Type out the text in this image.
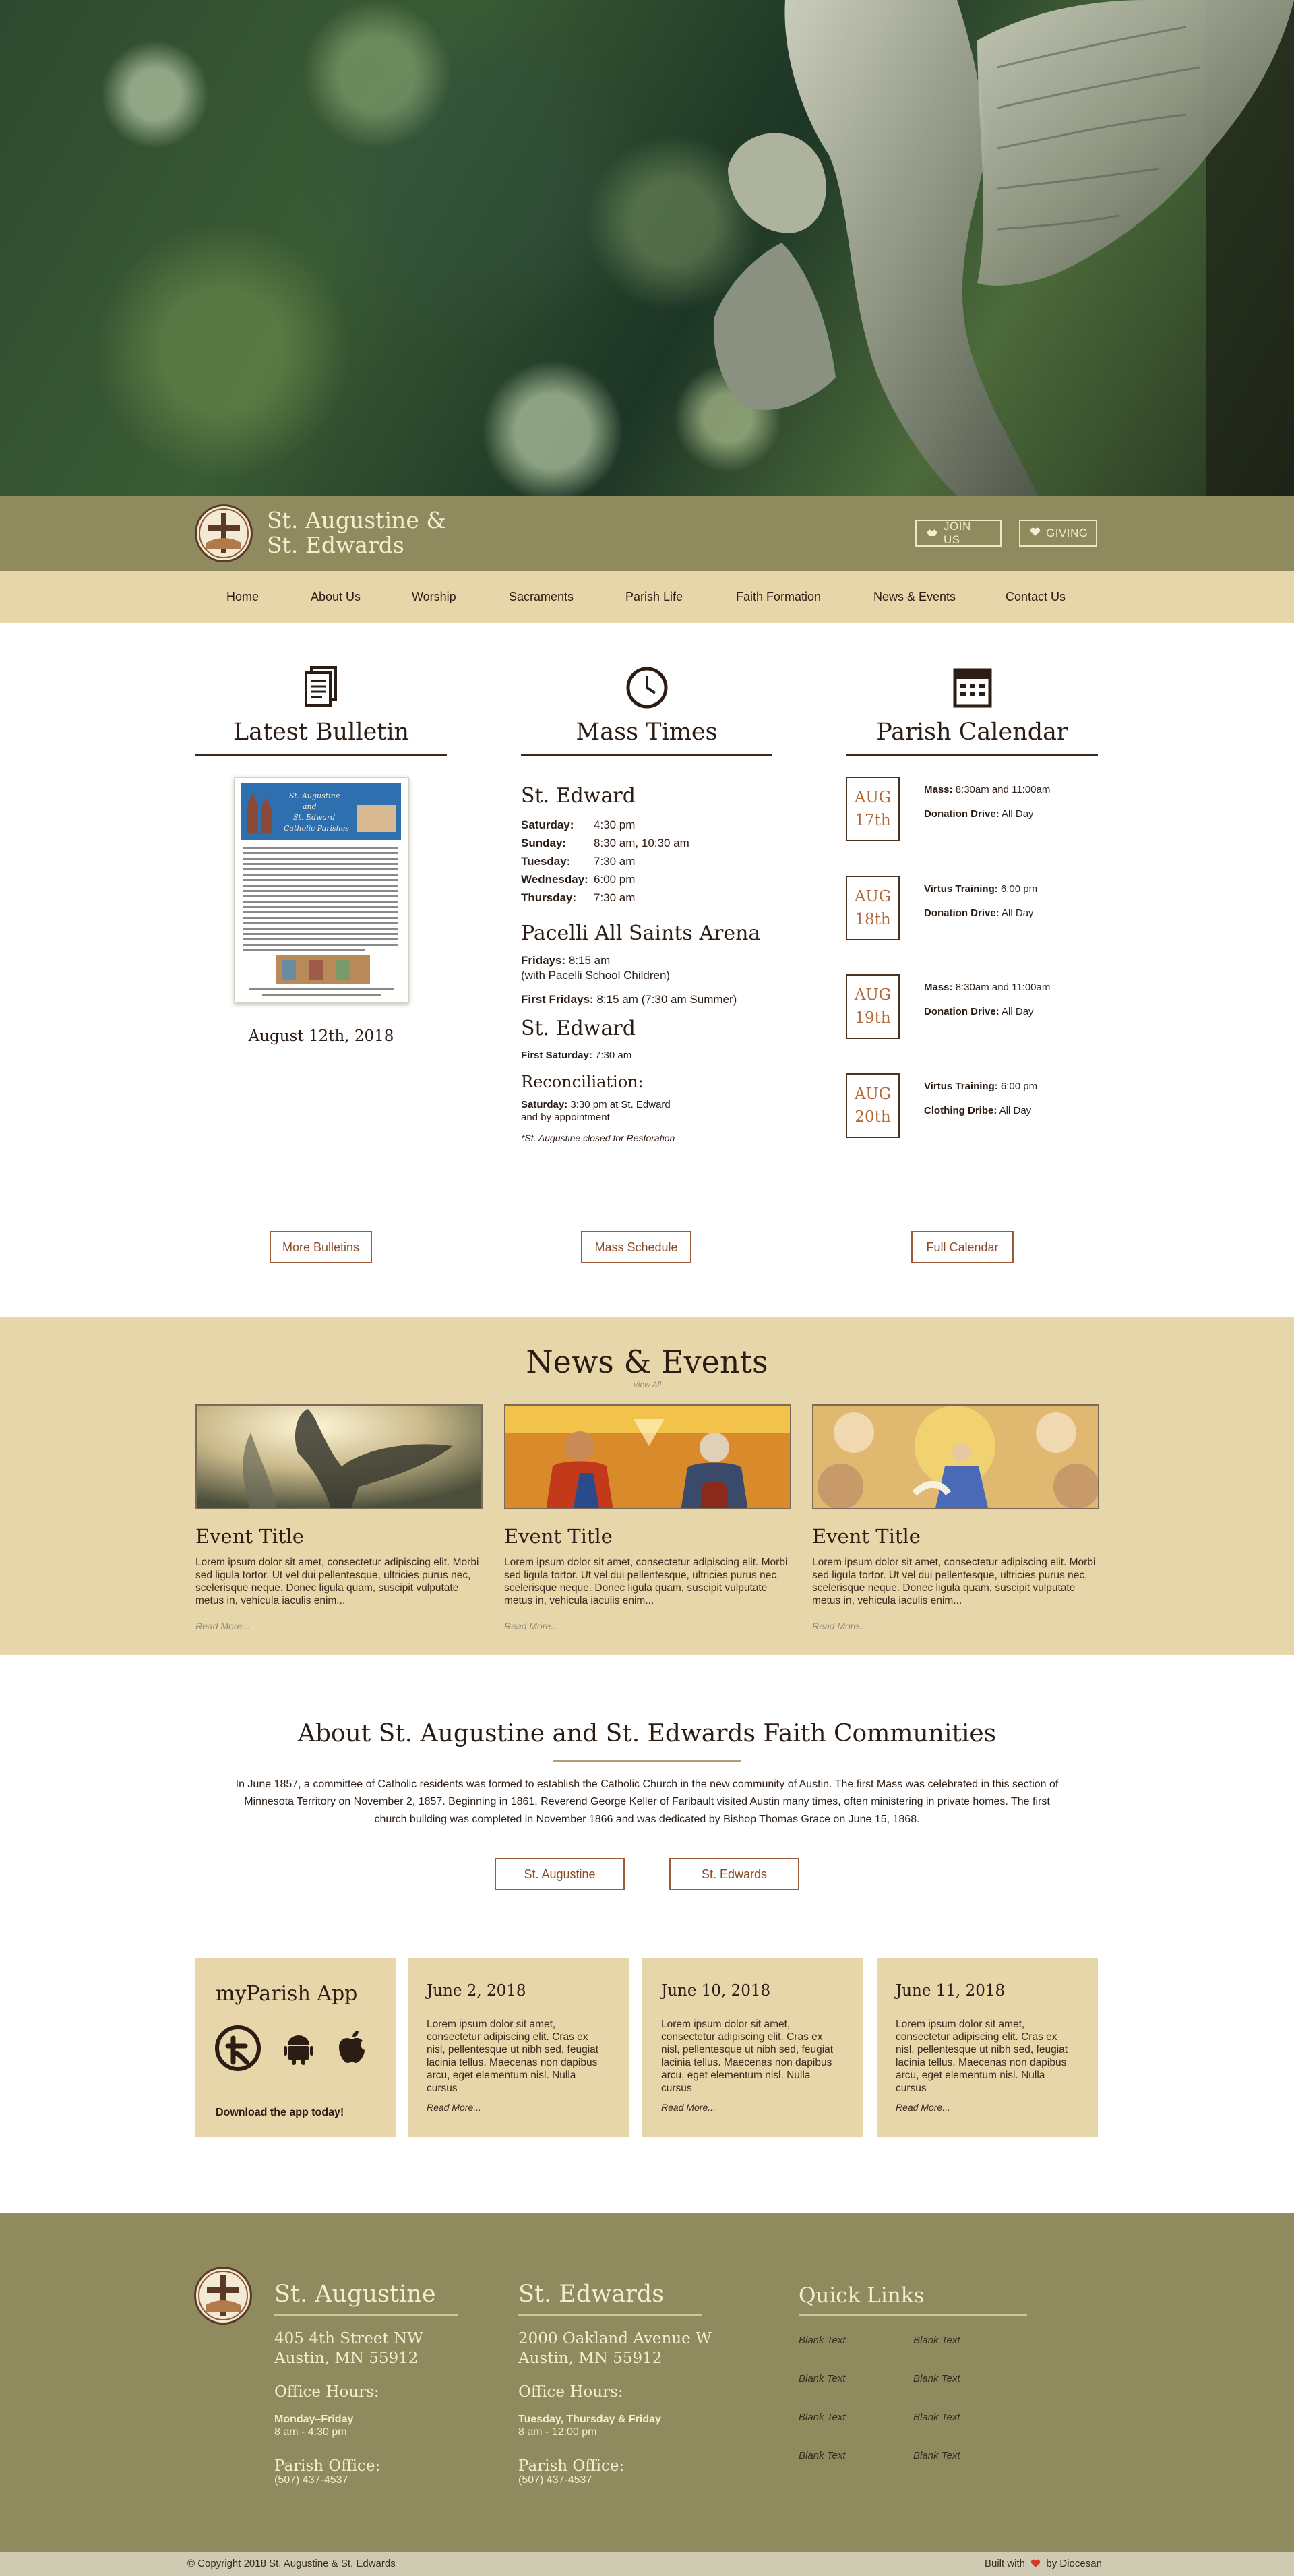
St. Augustine &
St. Edwards
JOIN US
GIVING
Home	About Us	Worship	Sacraments	Parish Life	Faith Formation	News & Events	Contact Us
Latest Bulletin
St. Augustine
and
St. Edward
Catholic Parishes
August 12th, 2018
More Bulletins
Mass Times
St. Edward
Saturday:	4:30 pm
Sunday:	8:30 am, 10:30 am
Tuesday:	7:30 am
Wednesday: 6:00 pm
Thursday:	7:30 am
Pacelli All Saints Arena

Fridays: 8:15 am
(with Pacelli School Children)

First Fridays: 8:15 am (7:30 am Summer)

St. Edward

First Saturday: 7:30 am

Reconciliation:

Saturday: 3:30 pm at St. Edward
and by appointment

*St. Augustine closed for Restoration

Mass Schedule
Parish Calendar
AUG
17th
Mass: 8:30am and 11:00am
Donation Drive: All Day
AUG
18th
Virtus Training: 6:00 pm
Donation Drive: All Day
AUG
19th
Mass: 8:30am and 11:00am
Donation Drive: All Day
AUG
20th
Virtus Training: 6:00 pm
Clothing Dribe: All Day
Full Calendar
News & Events
View All
Event Title	Event Title	Event Title
Lorem ipsum dolor sit amet, consectetur adipiscing elit. Morbi sed ligula tortor. Ut vel dui pellentesque, ultricies purus nec, scelerisque neque. Donec ligula quam, suscipit vulputate metus in, vehicula iaculis enim...
Lorem ipsum dolor sit amet, consectetur adipiscing elit. Morbi sed ligula tortor. Ut vel dui pellentesque, ultricies purus nec, scelerisque neque. Donec ligula quam, suscipit vulputate metus in, vehicula iaculis enim...
Lorem ipsum dolor sit amet, consectetur adipiscing elit. Morbi sed ligula tortor. Ut vel dui pellentesque, ultricies purus nec, scelerisque neque. Donec ligula quam, suscipit vulputate metus in, vehicula iaculis enim...
Read More...	Read More...	Read More...
About St. Augustine and St. Edwards Faith Communities
In June 1857, a committee of Catholic residents was formed to establish the Catholic Church in the new community of Austin. The first Mass was celebrated in this section of Minnesota Territory on November 2, 1857. Beginning in 1861, Reverend George Keller of Faribault visited Austin many times, often ministering in private homes. The first church building was completed in November 1866 and was dedicated by Bishop Thomas Grace on June 15, 1868.
St. Augustine	St. Edwards
myParish App
Download the app today!
June 2, 2018
Lorem ipsum dolor sit amet, consectetur adipiscing elit. Cras ex nisl, pellentesque ut nibh sed, feugiat lacinia tellus. Maecenas non dapibus arcu, eget elementum nisl. Nulla cursus
Read More...
June 10, 2018
Lorem ipsum dolor sit amet, consectetur adipiscing elit. Cras ex nisl, pellentesque ut nibh sed, feugiat lacinia tellus. Maecenas non dapibus arcu, eget elementum nisl. Nulla cursus
Read More...
June 11, 2018
Lorem ipsum dolor sit amet, consectetur adipiscing elit. Cras ex nisl, pellentesque ut nibh sed, feugiat lacinia tellus. Maecenas non dapibus arcu, eget elementum nisl. Nulla cursus
Read More...
St. Augustine
405 4th Street NW
Austin, MN 55912
Office Hours:
Monday–Friday
8 am - 4:30 pm
Parish Office:
(507) 437-4537
St. Edwards
2000 Oakland Avenue W
Austin, MN 55912
Office Hours:
Tuesday, Thursday & Friday
8 am - 12:00 pm
Parish Office:
(507) 437-4537
Quick Links
Blank Text	Blank Text
Blank Text	Blank Text
Blank Text	Blank Text
Blank Text	Blank Text
© Copyright 2018 St. Augustine & St. Edwards	Built with by Diocesan
